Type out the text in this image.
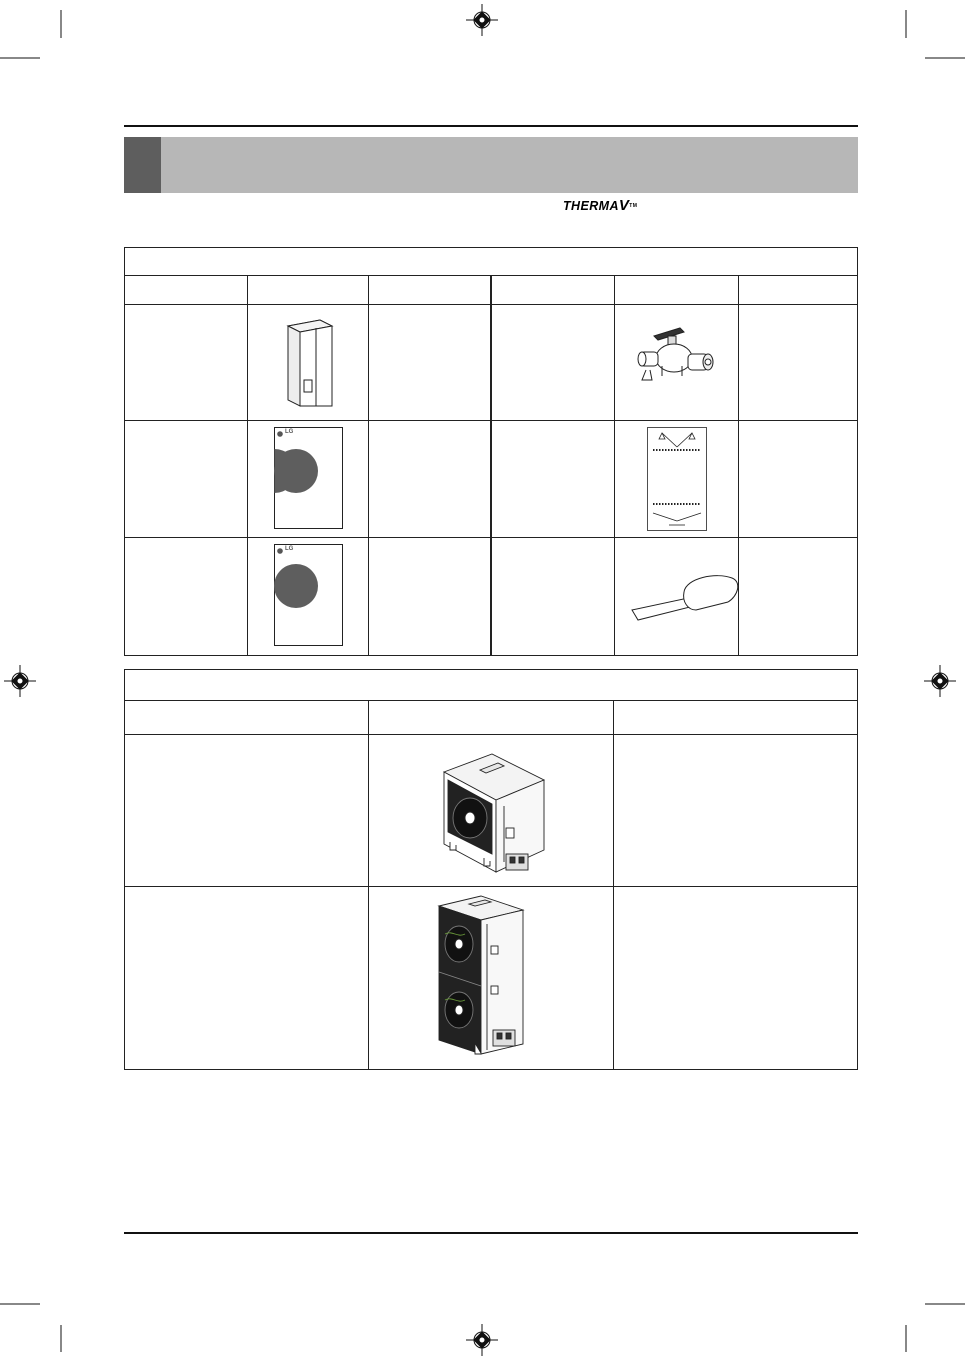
THERMAV™
LG
LG
